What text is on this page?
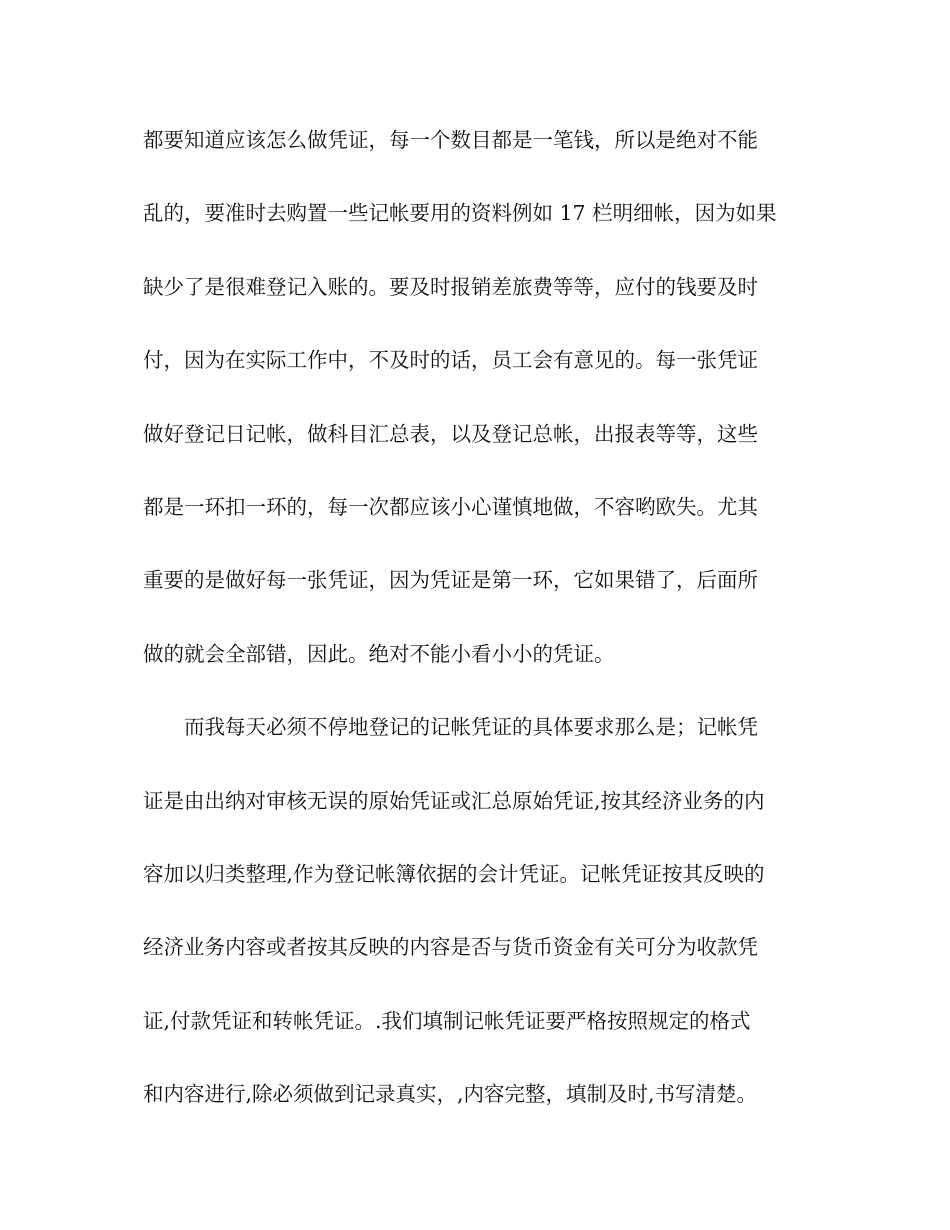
都要知道应该怎么做凭证，每一个数目都是一笔钱，所以是绝对不能
乱的，要准时去购置一些记帐要用的资料例如 17 栏明细帐，因为如果
缺少了是很难登记入账的。要及时报销差旅费等等，应付的钱要及时
付，因为在实际工作中，不及时的话，员工会有意见的。每一张凭证
做好登记日记帐，做科目汇总表，以及登记总帐，出报表等等，这些
都是一环扣一环的，每一次都应该小心谨慎地做，不容哟欧失。尤其
重要的是做好每一张凭证，因为凭证是第一环，它如果错了，后面所
做的就会全部错，因此。绝对不能小看小小的凭证。
而我每天必须不停地登记的记帐凭证的具体要求那么是；记帐凭
证是由出纳对审核无误的原始凭证或汇总原始凭证,按其经济业务的内
容加以归类整理,作为登记帐簿依据的会计凭证。记帐凭证按其反映的
经济业务内容或者按其反映的内容是否与货币资金有关可分为收款凭
证,付款凭证和转帐凭证。.我们填制记帐凭证要严格按照规定的格式
和内容进行,除必须做到记录真实，,内容完整，填制及时,书写清楚。
